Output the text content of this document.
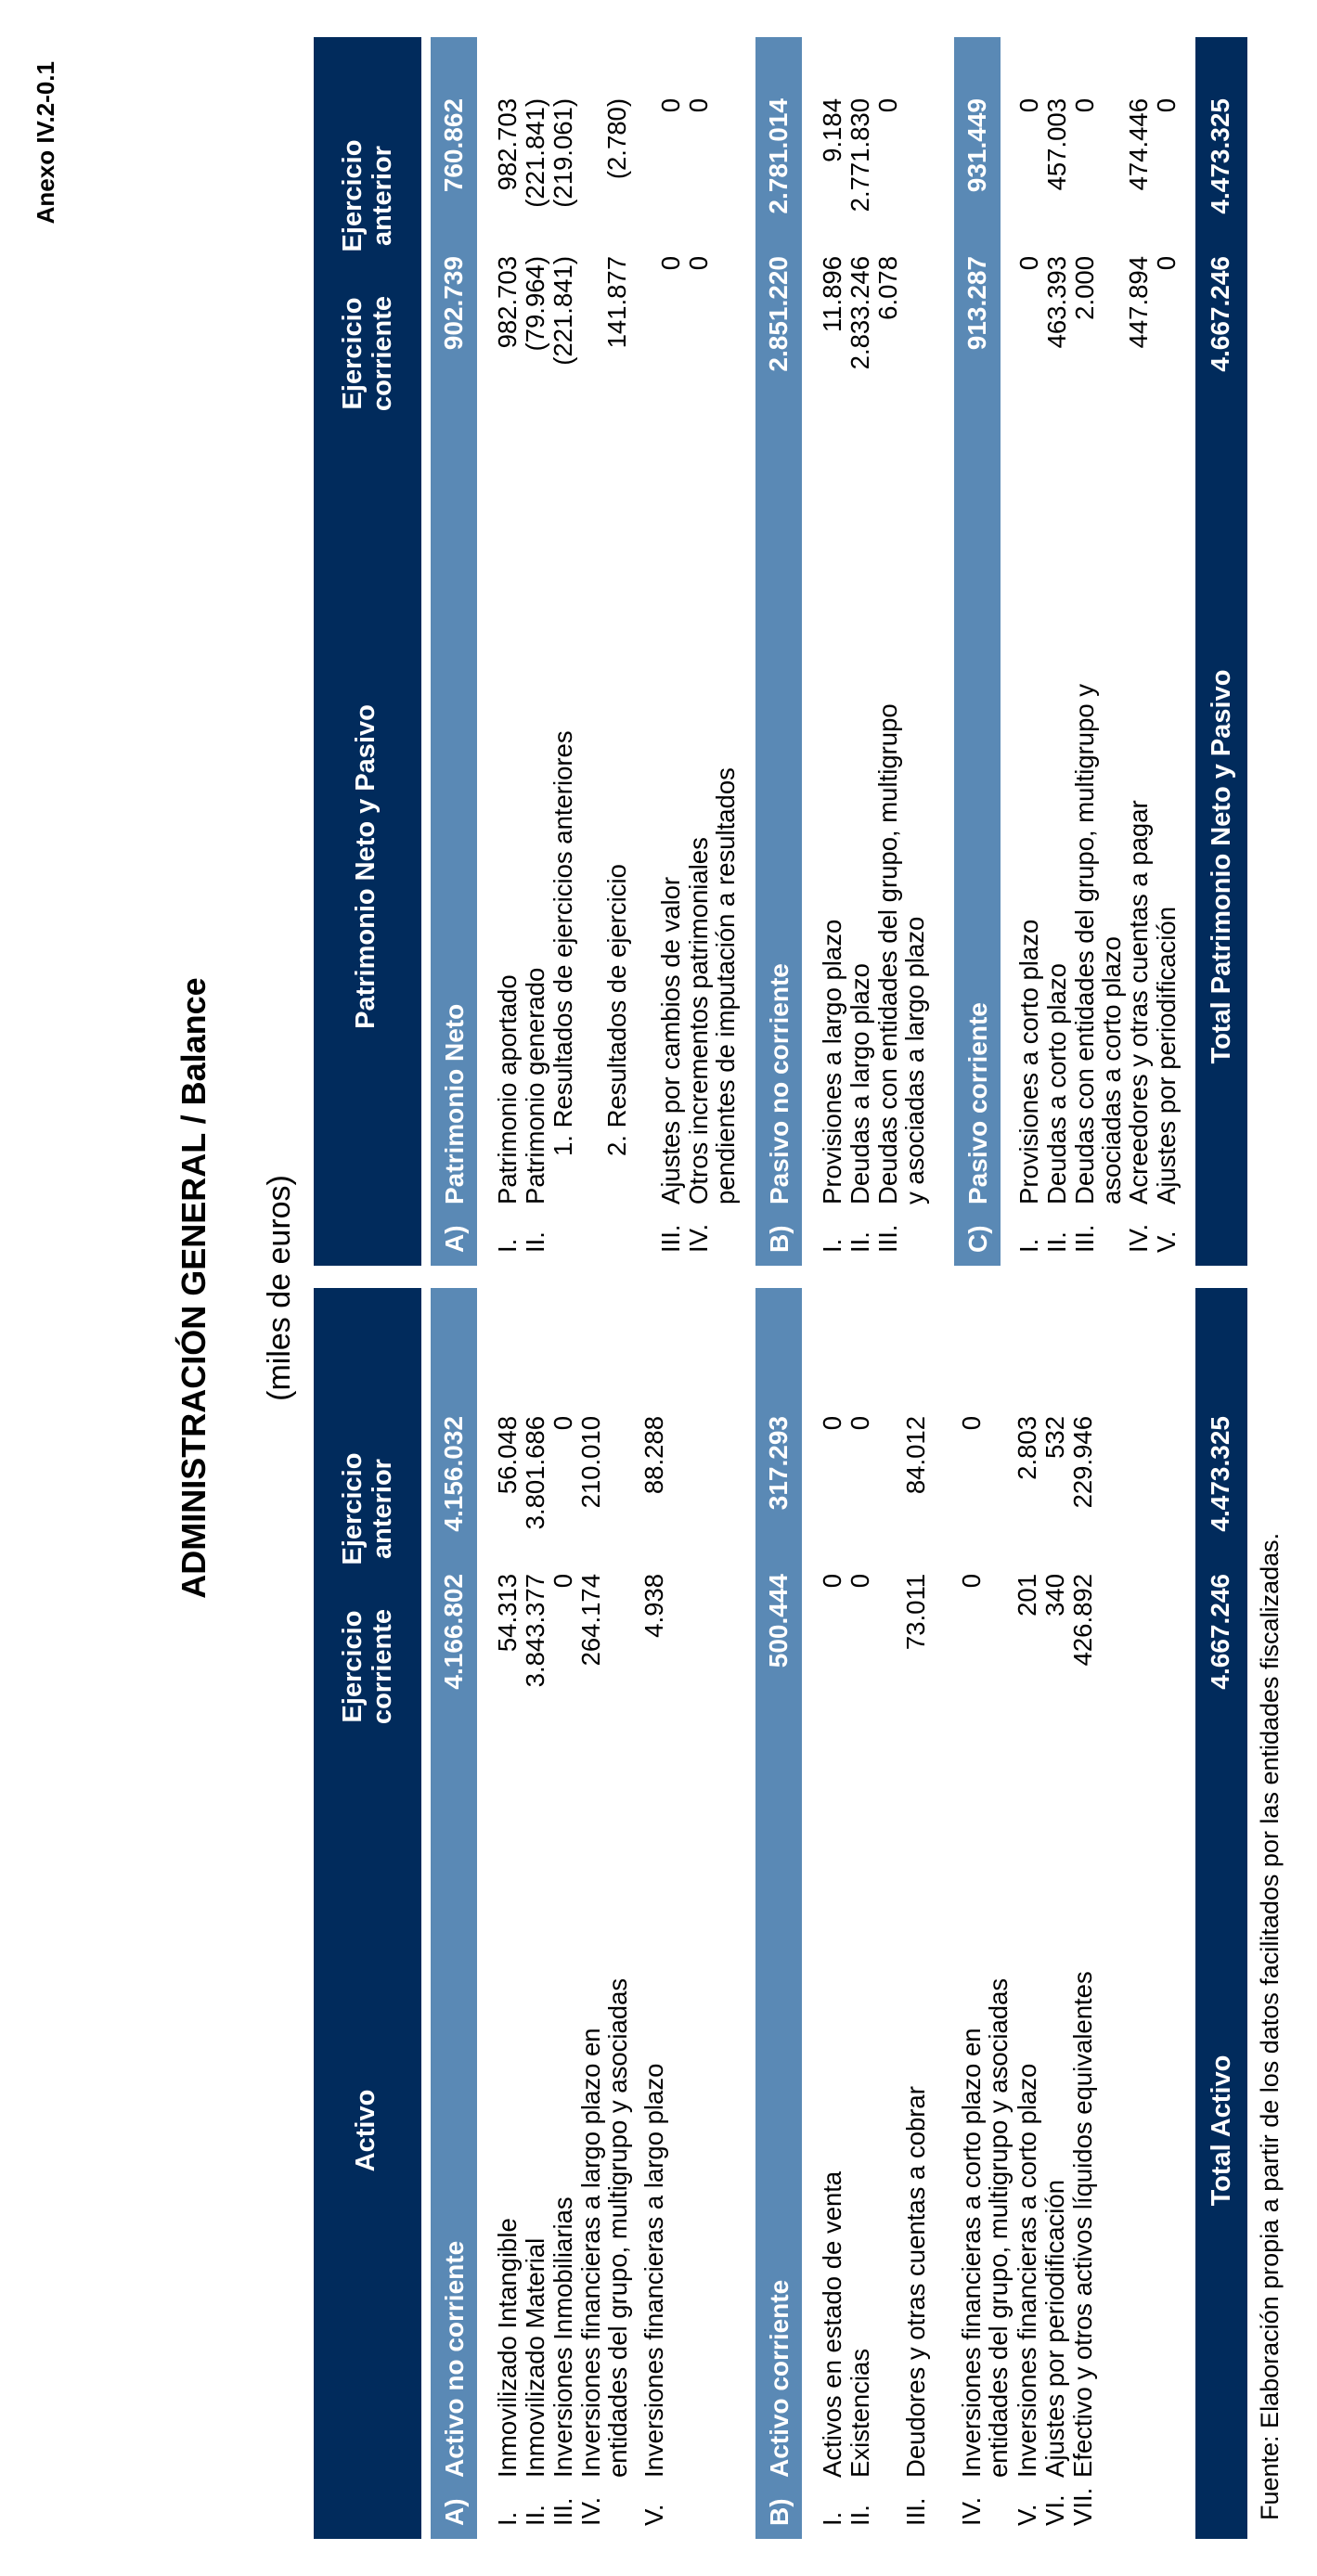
Anexo IV.2-0.1
ADMINISTRACIÓN GENERAL / Balance (miles de euros)
Activo
Ejercicio
corriente
Ejercicio
anterior
A)
Activo no corriente
4.166.802
4.156.032
I.
Inmovilizado Intangible
54.313
56.048
II.
Inmovilizado Material
3.843.377
3.801.686
III.
Inversiones Inmobiliarias
0
0
IV.
Inversiones financieras a largo plazo en
entidades del grupo, multigrupo y asociadas
264.174
210.010
V.
Inversiones financieras a largo plazo
4.938
88.288
B)
Activo corriente
500.444
317.293
I.
Activos en estado de venta
0
0
II.
Existencias
0
0
III.
Deudores y otras cuentas a cobrar
73.011
84.012
IV.
Inversiones financieras a corto plazo en
entidades del grupo, multigrupo y asociadas
0
0
V.
Inversiones financieras a corto plazo
201
2.803
VI.
Ajustes por periodificación
340
532
VII.
Efectivo y otros activos líquidos equivalentes
426.892
229.946
Total Activo
4.667.246
4.473.325
Patrimonio Neto y Pasivo
Ejercicio
corriente
Ejercicio
anterior
A)
Patrimonio Neto
902.739
760.862
I.
Patrimonio aportado
982.703
982.703
II.
Patrimonio generado
(79.964)
(221.841)
1. Resultados de ejercicios anteriores
(221.841)
(219.061)
2. Resultados de ejercicio
141.877
(2.780)
III.
Ajustes por cambios de valor
0
0
IV.
Otros incrementos patrimoniales
pendientes de imputación a resultados
0
0
B)
Pasivo no corriente
2.851.220
2.781.014
I.
Provisiones a largo plazo
11.896
9.184
II.
Deudas a largo plazo
2.833.246
2.771.830
III.
Deudas con entidades del grupo, multigrupo
y asociadas a largo plazo
6.078
0
C)
Pasivo corriente
913.287
931.449
I.
Provisiones a corto plazo
0
0
II.
Deudas a corto plazo
463.393
457.003
III.
Deudas con entidades del grupo, multigrupo y
asociadas a corto plazo
2.000
0
IV.
Acreedores y otras cuentas a pagar
447.894
474.446
V.
Ajustes por periodificación
0
0
Total Patrimonio Neto y Pasivo
4.667.246
4.473.325
Fuente: Elaboración propia a partir de los datos facilitados por las entidades fiscalizadas.
